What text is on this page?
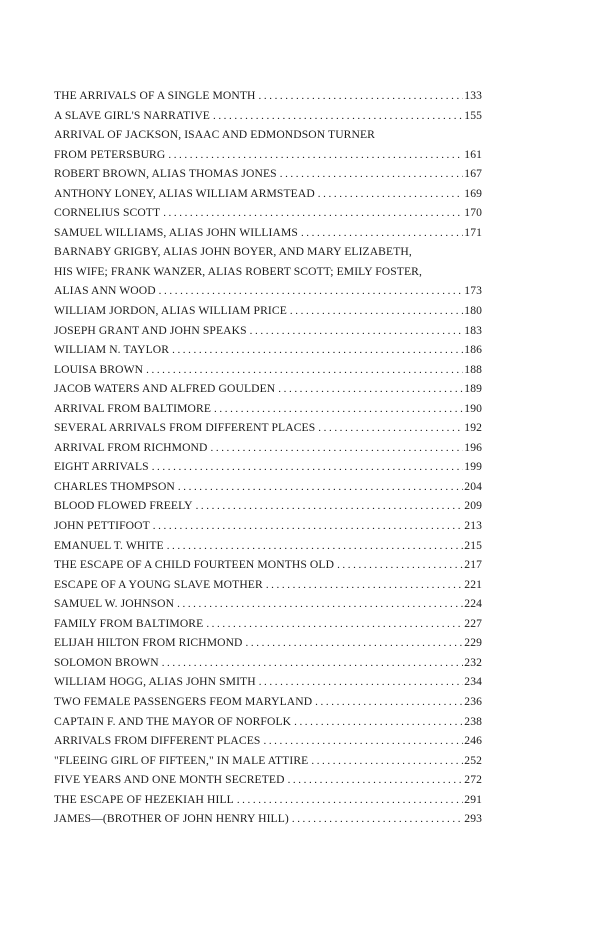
THE ARRIVALS OF A SINGLE MONTH .....	133
A SLAVE GIRL'S NARRATIVE .....	155
ARRIVAL OF JACKSON, ISAAC AND EDMONDSON TURNER
FROM PETERSBURG .....	161
ROBERT BROWN, ALIAS THOMAS JONES .....	167
ANTHONY LONEY, ALIAS WILLIAM ARMSTEAD .....	169
CORNELIUS SCOTT .....	170
SAMUEL WILLIAMS, ALIAS JOHN WILLIAMS .....	171
BARNABY GRIGBY, ALIAS JOHN BOYER, AND MARY ELIZABETH,
HIS WIFE; FRANK WANZER, ALIAS ROBERT SCOTT; EMILY FOSTER,
ALIAS ANN WOOD .....	173
WILLIAM JORDON, ALIAS WILLIAM PRICE .....	180
JOSEPH GRANT AND JOHN SPEAKS .....	183
WILLIAM N. TAYLOR .....	186
LOUISA BROWN .....	188
JACOB WATERS AND ALFRED GOULDEN .....	189
ARRIVAL FROM BALTIMORE .....	190
SEVERAL ARRIVALS FROM DIFFERENT PLACES .....	192
ARRIVAL FROM RICHMOND .....	196
EIGHT ARRIVALS .....	199
CHARLES THOMPSON .....	204
BLOOD FLOWED FREELY .....	209
JOHN PETTIFOOT .....	213
EMANUEL T. WHITE .....	215
THE ESCAPE OF A CHILD FOURTEEN MONTHS OLD .....	217
ESCAPE OF A YOUNG SLAVE MOTHER .....	221
SAMUEL W. JOHNSON .....	224
FAMILY FROM BALTIMORE .....	227
ELIJAH HILTON FROM RICHMOND .....	229
SOLOMON BROWN .....	232
WILLIAM HOGG, ALIAS JOHN SMITH .....	234
TWO FEMALE PASSENGERS FEOM MARYLAND .....	236
CAPTAIN F. AND THE MAYOR OF NORFOLK .....	238
ARRIVALS FROM DIFFERENT PLACES .....	246
"FLEEING GIRL OF FIFTEEN," IN MALE ATTIRE .....	252
FIVE YEARS AND ONE MONTH SECRETED .....	272
THE ESCAPE OF HEZEKIAH HILL .....	291
JAMES—(BROTHER OF JOHN HENRY HILL) .....	293
